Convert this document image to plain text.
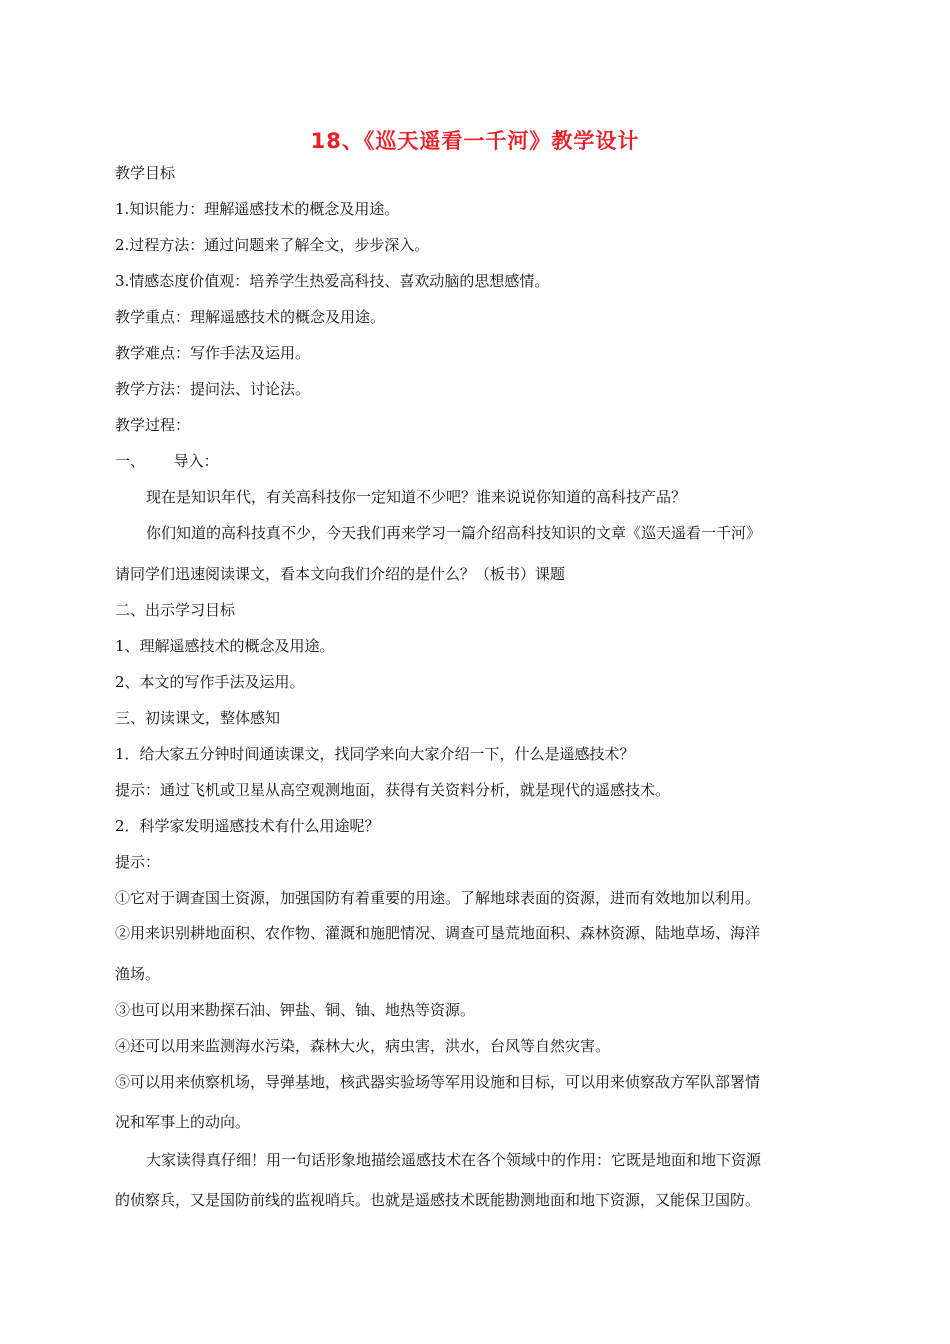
18、《巡天遥看一千河》教学设计
教学目标
1.知识能力：理解遥感技术的概念及用途。
2.过程方法：通过问题来了解全文，步步深入。
3.情感态度价值观：培养学生热爱高科技、喜欢动脑的思想感情。
教学重点：理解遥感技术的概念及用途。
教学难点：写作手法及运用。
教学方法：提问法、讨论法。
教学过程：
一、      导入：
现在是知识年代，有关高科技你一定知道不少吧？谁来说说你知道的高科技产品？
你们知道的高科技真不少，今天我们再来学习一篇介绍高科技知识的文章《巡天遥看一千河》
请同学们迅速阅读课文，看本文向我们介绍的是什么？（板书）课题
二、出示学习目标
1、理解遥感技术的概念及用途。
2、本文的写作手法及运用。
三、初读课文，整体感知
1．给大家五分钟时间通读课文，找同学来向大家介绍一下，什么是遥感技术？
提示：通过飞机或卫星从高空观测地面，获得有关资料分析，就是现代的遥感技术。
2．科学家发明遥感技术有什么用途呢？
提示：
①它对于调查国土资源，加强国防有着重要的用途。了解地球表面的资源，进而有效地加以利用。
②用来识别耕地面积、农作物、灌溉和施肥情况、调查可垦荒地面积、森林资源、陆地草场、海洋
渔场。
③也可以用来勘探石油、钾盐、铜、铀、地热等资源。
④还可以用来监测海水污染，森林大火，病虫害，洪水，台风等自然灾害。
⑤可以用来侦察机场，导弹基地，核武器实验场等军用设施和目标，可以用来侦察敌方军队部署情
况和军事上的动向。
大家读得真仔细！用一句话形象地描绘遥感技术在各个领域中的作用：它既是地面和地下资源
的侦察兵，又是国防前线的监视哨兵。也就是遥感技术既能勘测地面和地下资源，又能保卫国防。
